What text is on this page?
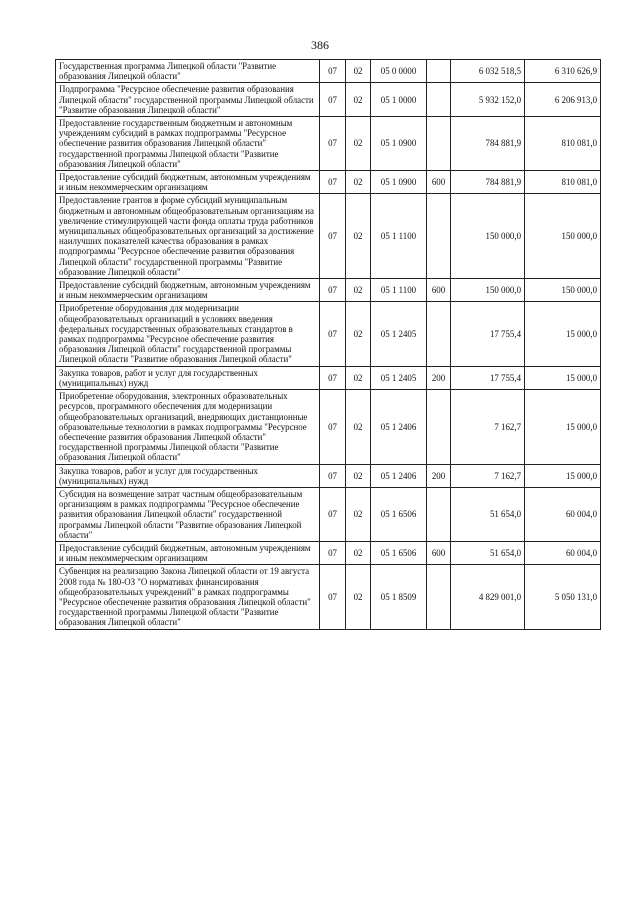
386
Государственная программа Липецкой области "Развитие образования Липецкой области"	07	02	05 0 0000		6 032 518,5	6 310 626,9
Подпрограмма "Ресурсное обеспечение развития образования Липецкой области" государственной программы Липецкой области "Развитие образования Липецкой области"	07	02	05 1 0000		5 932 152,0	6 206 913,0
Предоставление государственным бюджетным и автономным учреждениям субсидий в рамках подпрограммы "Ресурсное обеспечение развития образования Липецкой области" государственной программы Липецкой области "Развитие образования Липецкой области"	07	02	05 1 0900		784 881,9	810 081,0
Предоставление субсидий бюджетным, автономным учреждениям и иным некоммерческим организациям	07	02	05 1 0900	600	784 881,9	810 081,0
Предоставление грантов в форме субсидий муниципальным бюджетным и автономным общеобразовательным организациям на увеличение стимулирующей части фонда оплаты труда работников муниципальных общеобразовательных организаций за достижение наилучших показателей качества образования в рамках подпрограммы "Ресурсное обеспечение развития образования Липецкой области" государственной программы "Развитие образование Липецкой области"	07	02	05 1 1100		150 000,0	150 000,0
Предоставление субсидий бюджетным, автономным учреждениям и иным некоммерческим организациям	07	02	05 1 1100	600	150 000,0	150 000,0
Приобретение оборудования для модернизации общеобразовательных организаций в условиях введения федеральных государственных образовательных стандартов в рамках подпрограммы "Ресурсное обеспечение развития образования Липецкой области" государственной программы Липецкой области "Развитие образования Липецкой области"	07	02	05 1 2405		17 755,4	15 000,0
Закупка товаров, работ и услуг для государственных (муниципальных) нужд	07	02	05 1 2405	200	17 755,4	15 000,0
Приобретение оборудования, электронных образовательных ресурсов, программного обеспечения для модернизации общеобразовательных организаций, внедряющих дистанционные образовательные технологии в рамках подпрограммы "Ресурсное обеспечение развития образования Липецкой области" государственной программы Липецкой области "Развитие образования Липецкой области"	07	02	05 1 2406		7 162,7	15 000,0
Закупка товаров, работ и услуг для государственных (муниципальных) нужд	07	02	05 1 2406	200	7 162,7	15 000,0
Субсидия на возмещение затрат частным общеобразовательным организациям в рамках подпрограммы "Ресурсное обеспечение развития образования Липецкой области" государственной программы Липецкой области "Развитие образования Липецкой области"	07	02	05 1 6506		51 654,0	60 004,0
Предоставление субсидий бюджетным, автономным учреждениям и иным некоммерческим организациям	07	02	05 1 6506	600	51 654,0	60 004,0
Субвенция на реализацию Закона Липецкой области от 19 августа 2008 года № 180-ОЗ "О нормативах финансирования общеобразовательных учреждений" в рамках подпрограммы "Ресурсное обеспечение развития образования Липецкой области" государственной программы Липецкой области "Развитие образования Липецкой области"	07	02	05 1 8509		4 829 001,0	5 050 131,0
